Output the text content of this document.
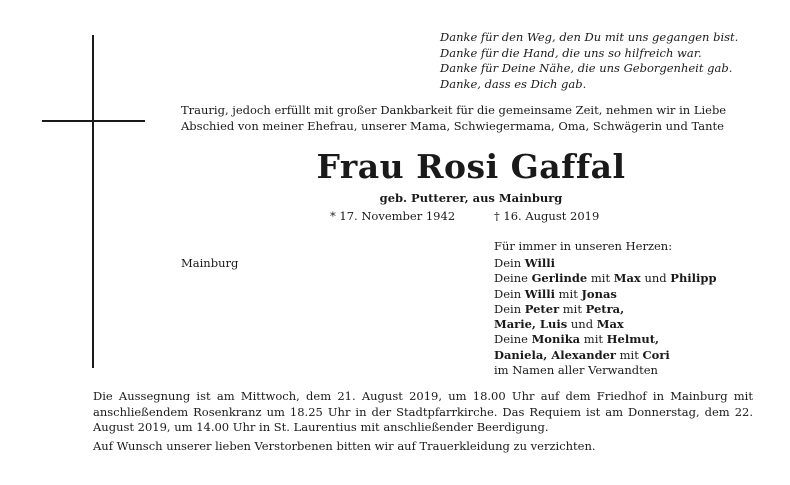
Danke für den Weg, den Du mit uns gegangen bist.
Danke für die Hand, die uns so hilfreich war.
Danke für Deine Nähe, die uns Geborgenheit gab.
Danke, dass es Dich gab.
Traurig, jedoch erfüllt mit großer Dankbarkeit für die gemeinsame Zeit, nehmen wir in Liebe
Abschied von meiner Ehefrau, unserer Mama, Schwiegermama, Oma, Schwägerin und Tante
Frau Rosi Gaffal
geb. Putterer, aus Mainburg
* 17. November 1942	† 16. August 2019
Für immer in unseren Herzen:
Mainburg	Dein Willi
Deine Gerlinde mit Max und Philipp
Dein Willi mit Jonas
Dein Peter mit Petra,
Marie, Luis und Max
Deine Monika mit Helmut,
Daniela, Alexander mit Cori
im Namen aller Verwandten
Die Aussegnung ist am Mittwoch, dem 21. August 2019, um 18.00 Uhr auf dem Friedhof in Mainburg mit anschließendem Rosenkranz um 18.25 Uhr in der Stadtpfarrkirche. Das Requiem ist am Donnerstag, dem 22. August 2019, um 14.00 Uhr in St. Laurentius mit anschließender Beerdigung.
Auf Wunsch unserer lieben Verstorbenen bitten wir auf Trauerkleidung zu verzichten.
